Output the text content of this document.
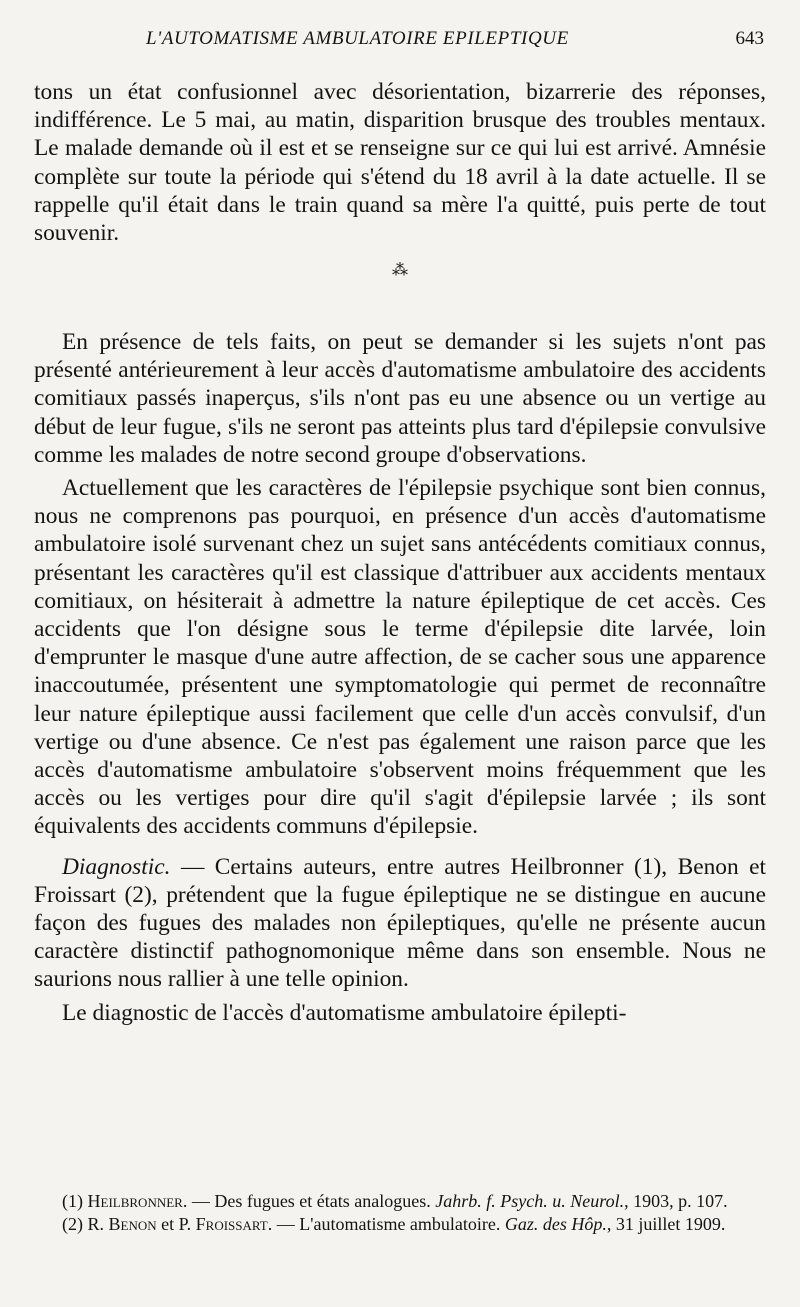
L'AUTOMATISME AMBULATOIRE EPILEPTIQUE	643

tons un état confusionnel avec désorientation, bizarrerie des réponses, indifférence. Le 5 mai, au matin, disparition brusque des troubles mentaux. Le malade demande où il est et se renseigne sur ce qui lui est arrivé. Amnésie complète sur toute la période qui s'étend du 18 avril à la date actuelle. Il se rappelle qu'il était dans le train quand sa mère l'a quitté, puis perte de tout souvenir.

⁂

En présence de tels faits, on peut se demander si les sujets n'ont pas présenté antérieurement à leur accès d'automatisme ambulatoire des accidents comitiaux passés inaperçus, s'ils n'ont pas eu une absence ou un vertige au début de leur fugue, s'ils ne seront pas atteints plus tard d'épilepsie convulsive comme les malades de notre second groupe d'observations.

Actuellement que les caractères de l'épilepsie psychique sont bien connus, nous ne comprenons pas pourquoi, en présence d'un accès d'automatisme ambulatoire isolé survenant chez un sujet sans antécédents comitiaux connus, présentant les caractères qu'il est classique d'attribuer aux accidents mentaux comitiaux, on hésiterait à admettre la nature épileptique de cet accès. Ces accidents que l'on désigne sous le terme d'épilepsie dite larvée, loin d'emprunter le masque d'une autre affection, de se cacher sous une apparence inaccoutumée, présentent une symptomatologie qui permet de reconnaître leur nature épileptique aussi facilement que celle d'un accès convulsif, d'un vertige ou d'une absence. Ce n'est pas également une raison parce que les accès d'automatisme ambulatoire s'observent moins fréquemment que les accès ou les vertiges pour dire qu'il s'agit d'épilepsie larvée ; ils sont équivalents des accidents communs d'épilepsie.

Diagnostic. — Certains auteurs, entre autres Heilbronner (1), Benon et Froissart (2), prétendent que la fugue épileptique ne se distingue en aucune façon des fugues des malades non épileptiques, qu'elle ne présente aucun caractère distinctif pathognomonique même dans son ensemble. Nous ne saurions nous rallier à une telle opinion.

Le diagnostic de l'accès d'automatisme ambulatoire épilepti-

(1) Heilbronner. — Des fugues et états analogues. Jahrb. f. Psych. u. Neurol., 1903, p. 107.

(2) R. Benon et P. Froissart. — L'automatisme ambulatoire. Gaz. des Hôp., 31 juillet 1909.
